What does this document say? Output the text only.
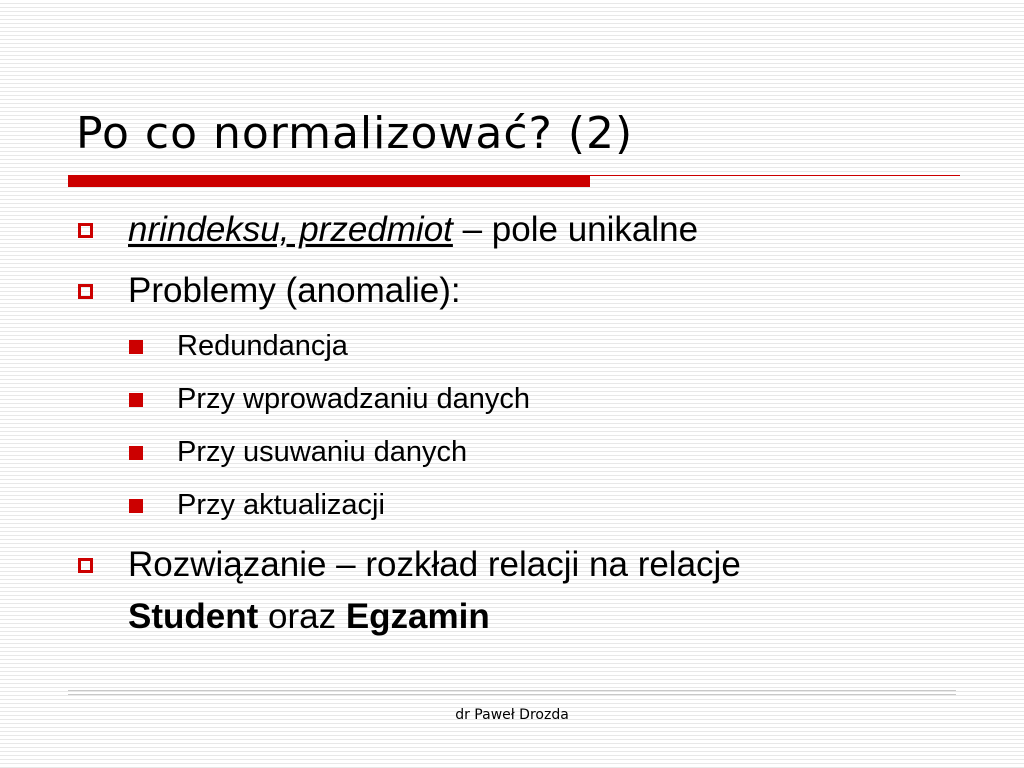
Po co normalizować? (2)
nrindeksu, przedmiot – pole unikalne
Problemy (anomalie):
Redundancja
Przy wprowadzaniu danych
Przy usuwaniu danych
Przy aktualizacji
Rozwiązanie – rozkład relacji na relacje
Student oraz Egzamin
dr Paweł Drozda
